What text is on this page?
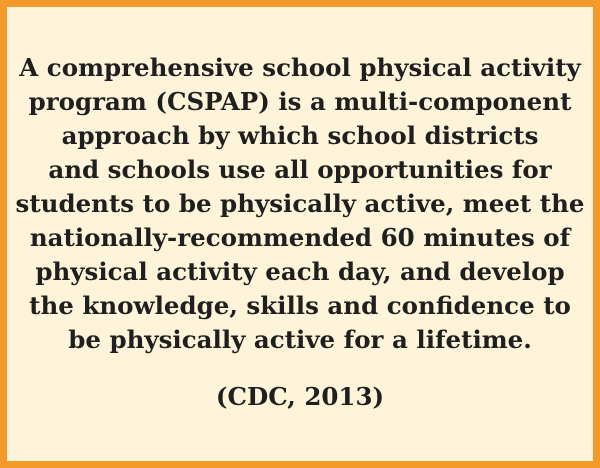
A comprehensive school physical activity
program (CSPAP) is a multi-component
approach by which school districts
and schools use all opportunities for
students to be physically active, meet the
nationally-recommended 60 minutes of
physical activity each day, and develop
the knowledge, skills and confidence to
be physically active for a lifetime.

(CDC, 2013)
